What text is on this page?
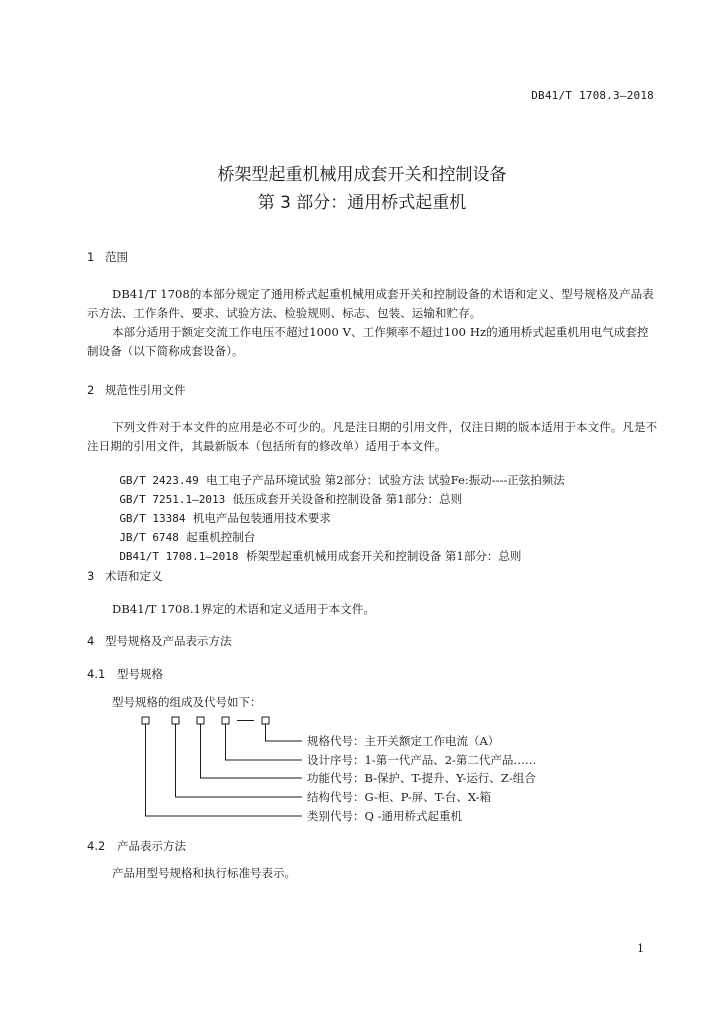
DB41/T 1708.3—2018
桥架型起重机械用成套开关和控制设备
第 3 部分：通用桥式起重机
1 范围
DB41/T 1708的本部分规定了通用桥式起重机械用成套开关和控制设备的术语和定义、型号规格及产品表示方法、工作条件、要求、试验方法、检验规则、标志、包装、运输和贮存。
本部分适用于额定交流工作电压不超过1000 V、工作频率不超过100 Hz的通用桥式起重机用电气成套控制设备（以下简称成套设备）。
2 规范性引用文件
下列文件对于本文件的应用是必不可少的。凡是注日期的引用文件，仅注日期的版本适用于本文件。凡是不注日期的引用文件，其最新版本（包括所有的修改单）适用于本文件。

GB/T 2423.49 电工电子产品环境试验 第2部分：试验方法 试验Fe:振动----正弦拍频法

GB/T 7251.1—2013 低压成套开关设备和控制设备 第1部分：总则

GB/T 13384 机电产品包装通用技术要求

JB/T 6748 起重机控制台

DB41/T 1708.1—2018 桥架型起重机械用成套开关和控制设备 第1部分：总则

3 术语和定义
DB41/T 1708.1界定的术语和定义适用于本文件。
4 型号规格及产品表示方法
4.1 型号规格
型号规格的组成及代号如下：
规格代号：主开关额定工作电流（A）
设计序号：1-第一代产品、2-第二代产品……
功能代号：B-保护、T-提升、Y-运行、Z-组合
结构代号：G-柜、P-屏、T-台、X-箱
类别代号：Q -通用桥式起重机
4.2 产品表示方法
产品用型号规格和执行标准号表示。
1
